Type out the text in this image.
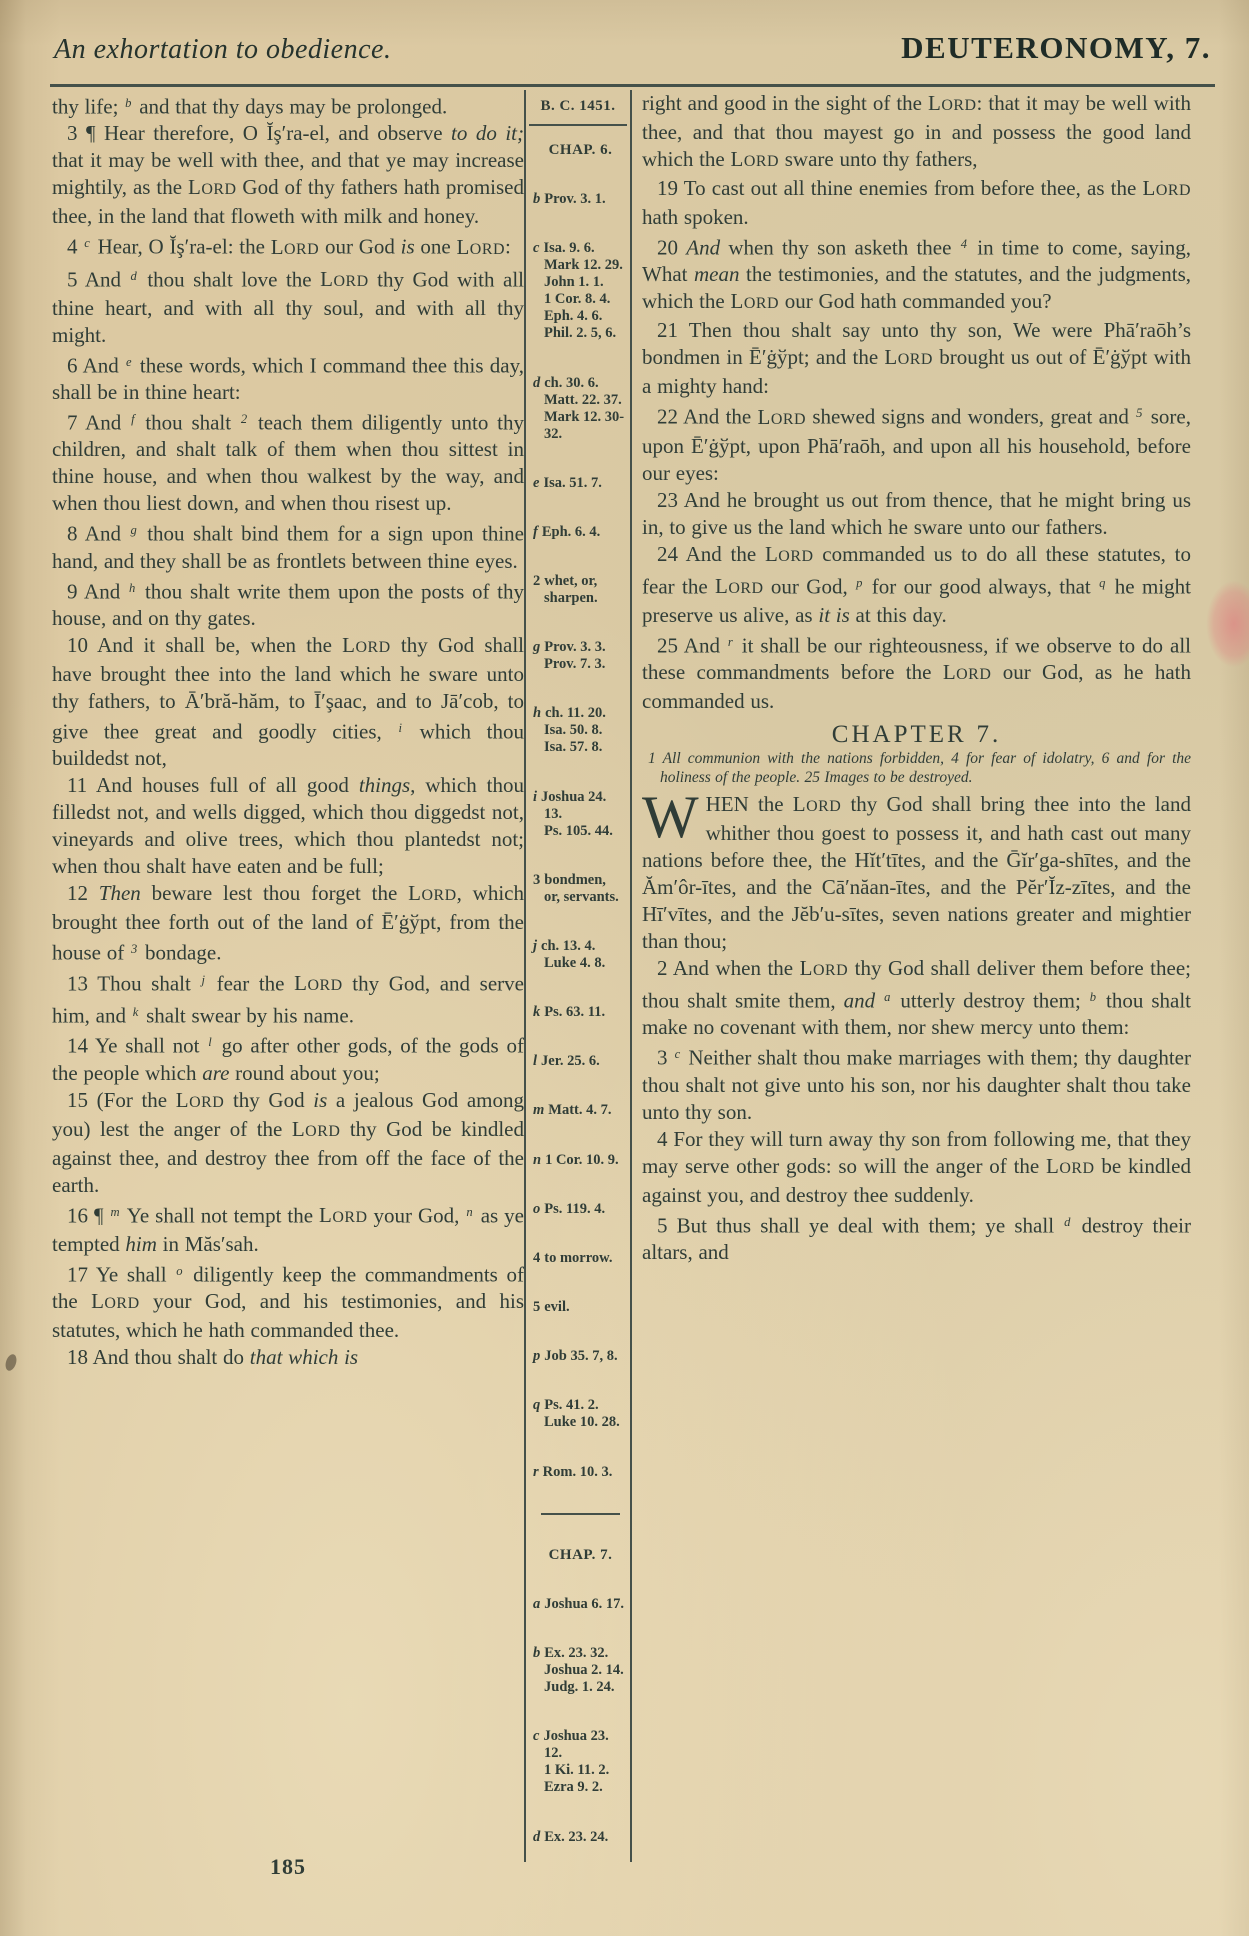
An exhortation to obedience.	DEUTERONOMY, 7.

thy life; $^b$ and that thy days may be prolonged.

3 ¶ Hear therefore, O Ĭş′ra-el, and observe to do it; that it may be well with thee, and that ye may increase mightily, as the LORD God of thy fathers hath promised thee, in the land that floweth with milk and honey.

4 $^c$ Hear, O Ĭş′ra-el: the LORD our God is one LORD:

5 And $^d$ thou shalt love the LORD thy God with all thine heart, and with all thy soul, and with all thy might.

6 And $^e$ these words, which I command thee this day, shall be in thine heart:

7 And $^f$ thou shalt $^2$ teach them diligently unto thy children, and shalt talk of them when thou sittest in thine house, and when thou walkest by the way, and when thou liest down, and when thou risest up.

8 And $^g$ thou shalt bind them for a sign upon thine hand, and they shall be as frontlets between thine eyes.

9 And $^h$ thou shalt write them upon the posts of thy house, and on thy gates.

10 And it shall be, when the LORD thy God shall have brought thee into the land which he sware unto thy fathers, to Ā′bră-hăm, to Ī′şaac, and to Jā′cob, to give thee great and goodly cities, $^i$ which thou buildedst not,

11 And houses full of all good things, which thou filledst not, and wells digged, which thou diggedst not, vineyards and olive trees, which thou plantedst not; when thou shalt have eaten and be full;

12 Then beware lest thou forget the LORD, which brought thee forth out of the land of Ē′ġўpt, from the house of $^3$ bondage.

13 Thou shalt $^j$ fear the LORD thy God, and serve him, and $^k$ shalt swear by his name.

14 Ye shall not $^l$ go after other gods, of the gods of the people which are round about you;

15 (For the LORD thy God is a jealous God among you) lest the anger of the LORD thy God be kindled against thee, and destroy thee from off the face of the earth.

16 ¶ $^m$ Ye shall not tempt the LORD your God, $^n$ as ye tempted him in Măs′sah.

17 Ye shall $^o$ diligently keep the commandments of the LORD your God, and his testimonies, and his statutes, which he hath commanded thee.

18 And thou shalt do that which is

B. C. 1451.
CHAP. 6.
b Prov. 3. 1.
c Isa. 9. 6.
Mark 12. 29.
John 1. 1.
1 Cor. 8. 4.
Eph. 4. 6.
Phil. 2. 5, 6.
d ch. 30. 6.
Matt. 22. 37.
Mark 12. 30-
32.
e Isa. 51. 7.
f Eph. 6. 4.
2 whet, or,
sharpen.
g Prov. 3. 3.
Prov. 7. 3.
h ch. 11. 20.
Isa. 50. 8.
Isa. 57. 8.
i Joshua 24. 13.
Ps. 105. 44.
3 bondmen,
or, servants.
j ch. 13. 4.
Luke 4. 8.
k Ps. 63. 11.
l Jer. 25. 6.
m Matt. 4. 7.
n 1 Cor. 10. 9.
o Ps. 119. 4.
4 to morrow.
5 evil.
p Job 35. 7, 8.
q Ps. 41. 2.
Luke 10. 28.
r Rom. 10. 3.
CHAP. 7.
a Joshua 6. 17.
b Ex. 23. 32.
Joshua 2. 14.
Judg. 1. 24.
c Joshua 23. 12.
1 Ki. 11. 2.
Ezra 9. 2.
d Ex. 23. 24.

right and good in the sight of the LORD: that it may be well with thee, and that thou mayest go in and possess the good land which the LORD sware unto thy fathers,

19 To cast out all thine enemies from before thee, as the LORD hath spoken.

20 And when thy son asketh thee $^4$ in time to come, saying, What mean the testimonies, and the statutes, and the judgments, which the LORD our God hath commanded you?

21 Then thou shalt say unto thy son, We were Phā′raōh’s bondmen in Ē′ġўpt; and the LORD brought us out of Ē′ġўpt with a mighty hand:

22 And the LORD shewed signs and wonders, great and $^5$ sore, upon Ē′ġўpt, upon Phā′raōh, and upon all his household, before our eyes:

23 And he brought us out from thence, that he might bring us in, to give us the land which he sware unto our fathers.

24 And the LORD commanded us to do all these statutes, to fear the LORD our God, $^p$ for our good always, that $^q$ he might preserve us alive, as it is at this day.

25 And $^r$ it shall be our righteousness, if we observe to do all these commandments before the LORD our God, as he hath commanded us.

CHAPTER 7.

1 All communion with the nations forbidden, 4 for fear of idolatry, 6 and for the holiness of the people. 25 Images to be destroyed.

WHEN the LORD thy God shall bring thee into the land whither thou goest to possess it, and hath cast out many nations before thee, the Hĭt′tītes, and the Ḡĭr′ga-shītes, and the Ăm′ôr-ītes, and the Cā′năan-ītes, and the Pĕr′Ĭz-zītes, and the Hī′vītes, and the Jĕb′u-sītes, seven nations greater and mightier than thou;

2 And when the LORD thy God shall deliver them before thee; thou shalt smite them, and $^a$ utterly destroy them; $^b$ thou shalt make no covenant with them, nor shew mercy unto them:

3 $^c$ Neither shalt thou make marriages with them; thy daughter thou shalt not give unto his son, nor his daughter shalt thou take unto thy son.

4 For they will turn away thy son from following me, that they may serve other gods: so will the anger of the LORD be kindled against you, and destroy thee suddenly.

5 But thus shall ye deal with them; ye shall $^d$ destroy their altars, and

185
